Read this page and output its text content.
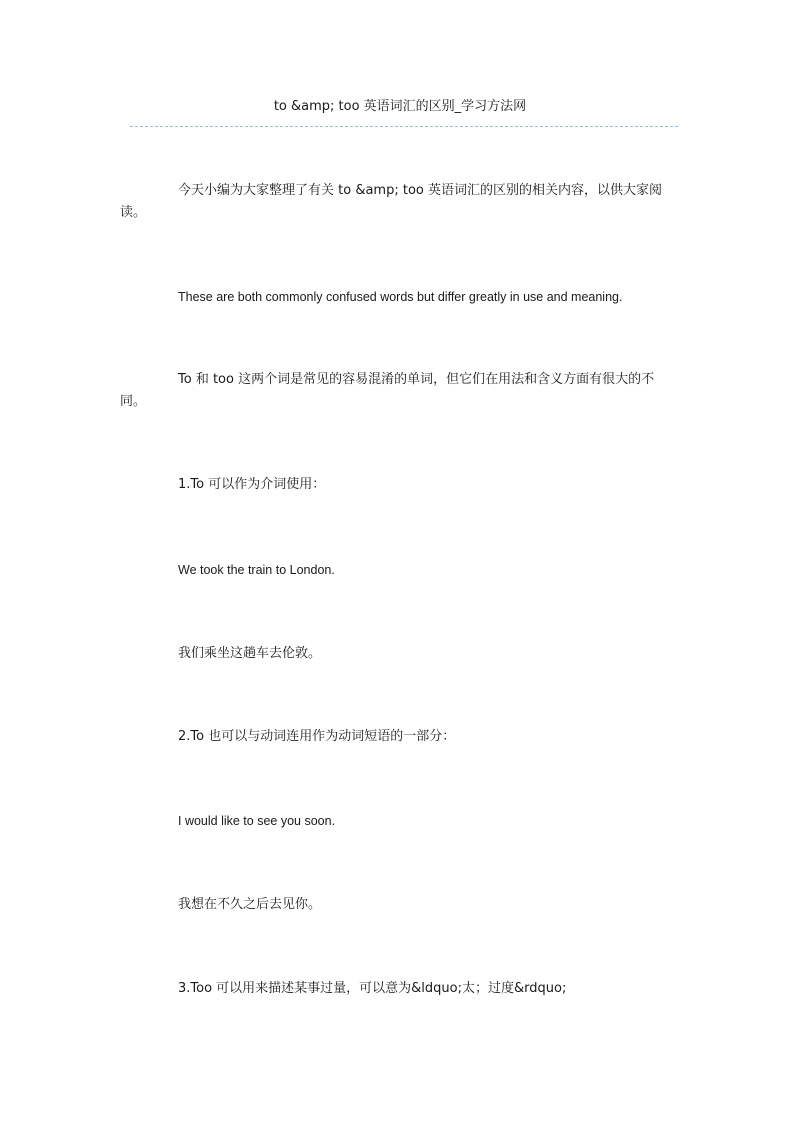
to &amp; too 英语词汇的区别_学习方法网

今天小编为大家整理了有关 to &amp; too 英语词汇的区别的相关内容，以供大家阅读。

These are both commonly confused words but differ greatly in use and meaning.

To 和 too 这两个词是常见的容易混淆的单词，但它们在用法和含义方面有很大的不同。

1.To 可以作为介词使用：

We took the train to London.

我们乘坐这趟车去伦敦。

2.To 也可以与动词连用作为动词短语的一部分：

I would like to see you soon.

我想在不久之后去见你。

3.Too 可以用来描述某事过量，可以意为&ldquo;太；过度&rdquo;
